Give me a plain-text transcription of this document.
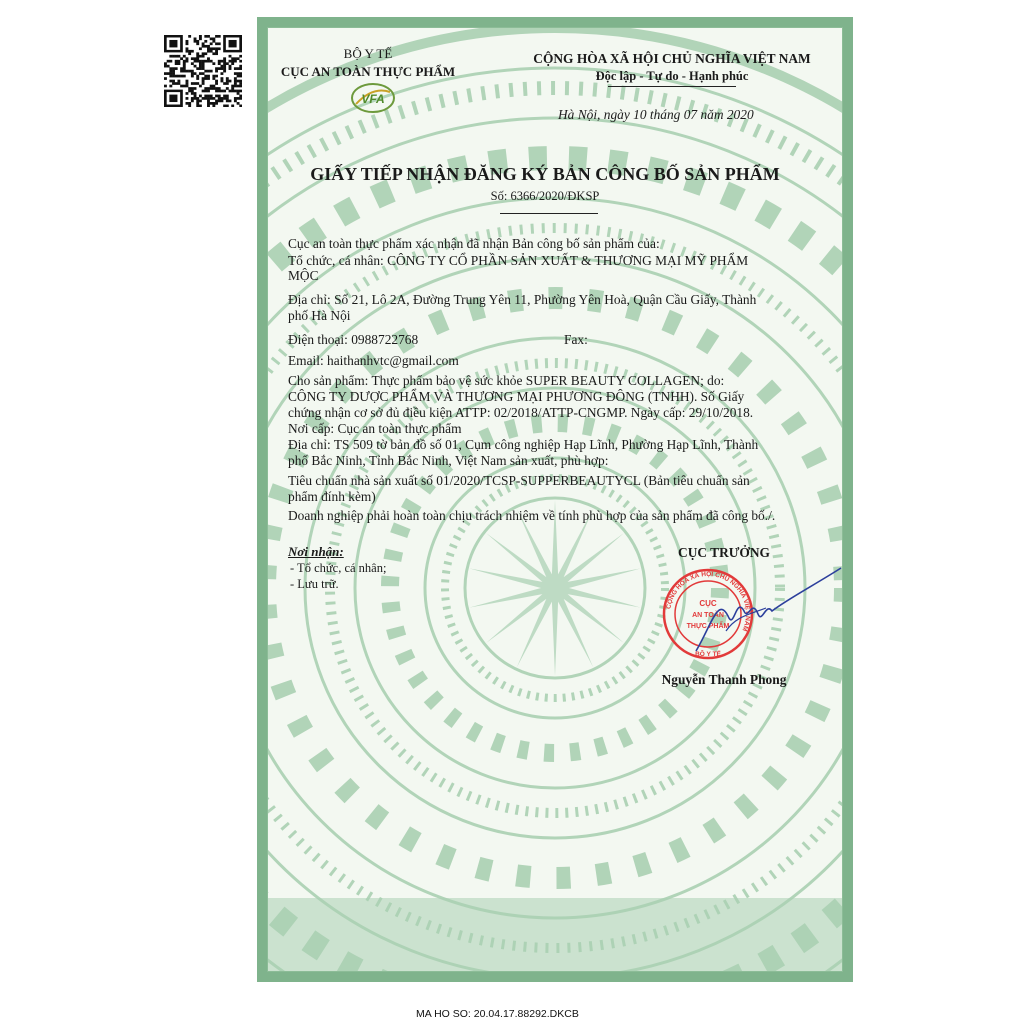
BỘ Y TẾ
CỤC AN TOÀN THỰC PHẨM
VFA
CỘNG HÒA XÃ HỘI CHỦ NGHĨA VIỆT NAM
Độc lập - Tự do - Hạnh phúc
Hà Nội, ngày 10 tháng 07 năm 2020
GIẤY TIẾP NHẬN ĐĂNG KÝ BẢN CÔNG BỐ SẢN PHẨM
Số: 6366/2020/ĐKSP
Cục an toàn thực phẩm xác nhận đã nhận Bản công bố sản phẩm của:
Tổ chức, cá nhân: CÔNG TY CỔ PHẦN SẢN XUẤT & THƯƠNG MẠI MỸ PHẨM
MỘC
Địa chỉ: Số 21, Lô 2A, Đường Trung Yên 11, Phường Yên Hoà, Quận Cầu Giấy, Thành
phố Hà Nội
Điện thoại: 0988722768	Fax:
Email: haithanhvtc@gmail.com
Cho sản phẩm: Thực phẩm bảo vệ sức khỏe SUPER BEAUTY COLLAGEN; do:
CÔNG TY DƯỢC PHẨM VÀ THƯƠNG MẠI PHƯƠNG ĐÔNG (TNHH). Số Giấy
chứng nhận cơ sở đủ điều kiện ATTP: 02/2018/ATTP-CNGMP. Ngày cấp: 29/10/2018.
Nơi cấp: Cục an toàn thực phẩm
Địa chỉ: TS 509 tờ bản đồ số 01, Cụm công nghiệp Hạp Lĩnh, Phường Hạp Lĩnh, Thành
phố Bắc Ninh, Tỉnh Bắc Ninh, Việt Nam sản xuất, phù hợp:
Tiêu chuẩn nhà sản xuất số 01/2020/TCSP-SUPPERBEAUTYCL (Bản tiêu chuẩn sản
phẩm đính kèm)
Doanh nghiệp phải hoàn toàn chịu trách nhiệm về tính phù hợp của sản phẩm đã công bố./.
Nơi nhận:
- Tổ chức, cá nhân;
- Lưu trữ.
CỤC TRƯỞNG
CỘNG HÒA XÃ HỘI CHỦ NGHĨA VIỆT NAM
BỘ Y TẾ
CỤC
AN TOÀN
THỰC PHẨM
Nguyễn Thanh Phong
MA HO SO: 20.04.17.88292.DKCB
